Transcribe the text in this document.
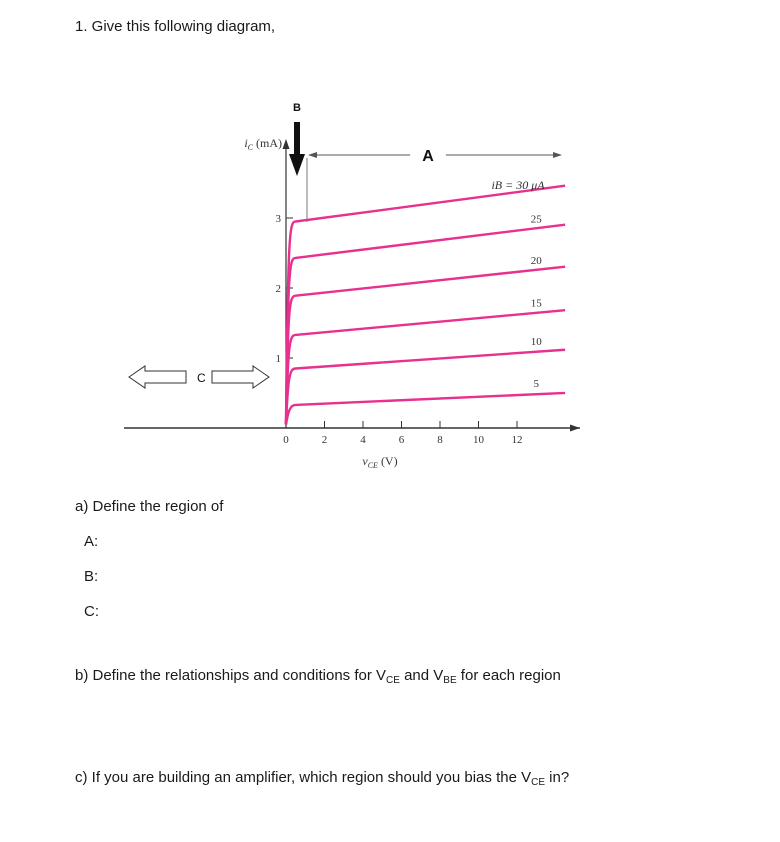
1. Give this following diagram,
0	2	4	6	8	10	12
1
2
3
$i_C$ (mA)
$v_{CE}$ (V)
5
10
15
20
25
A
B
C
iB = 30 μA
a) Define the region of
A:
B:
C:
b) Define the relationships and conditions for $V_{CE}$ and $V_{BE}$ for each region
c) If you are building an amplifier, which region should you bias the $V_{CE}$ in?
